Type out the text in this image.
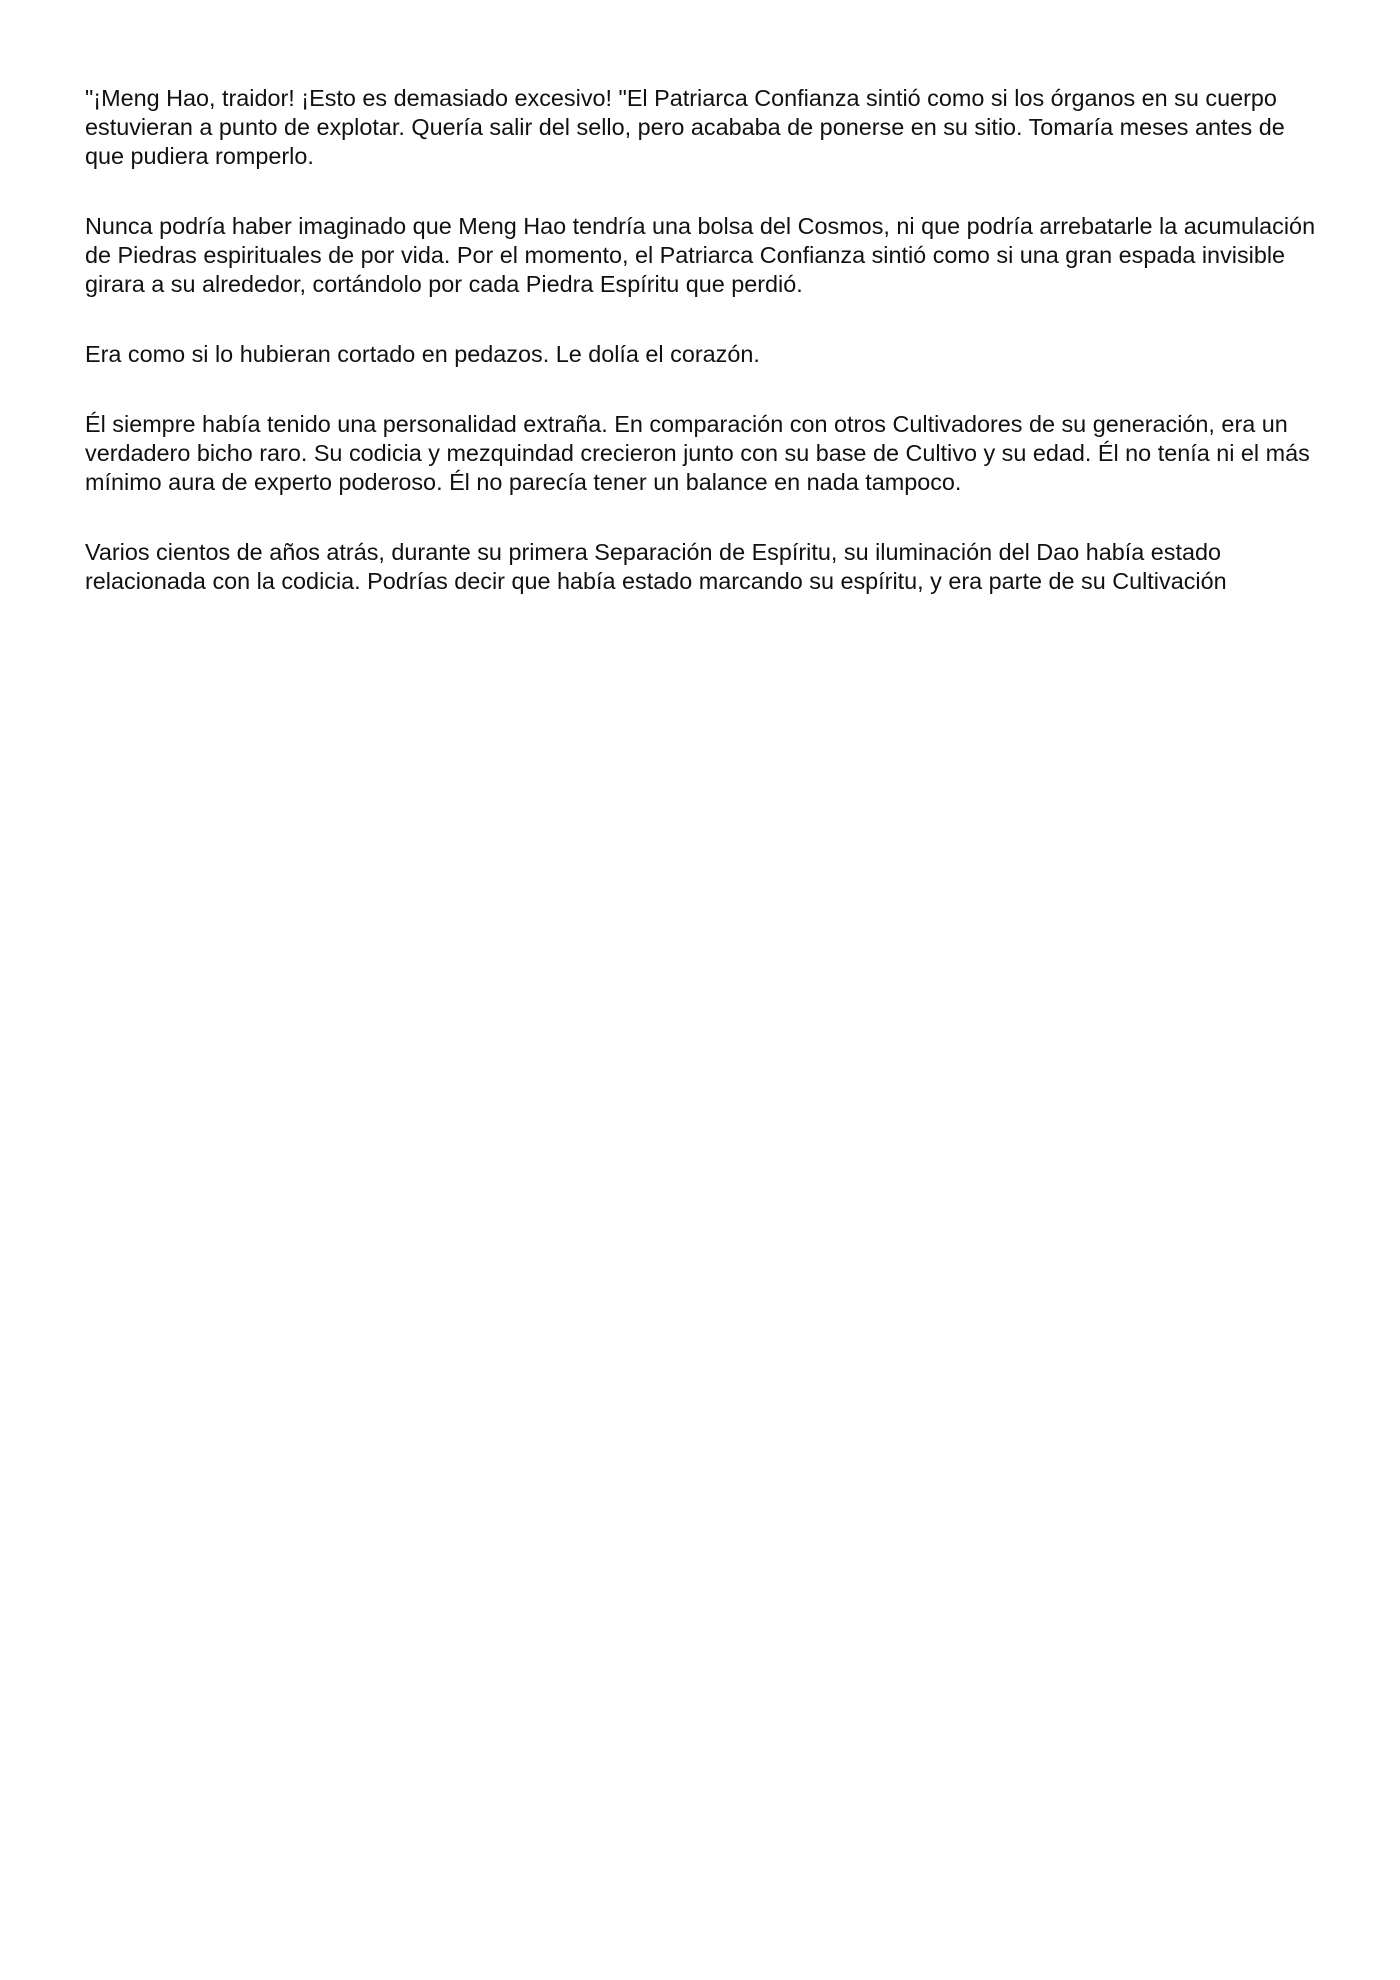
"¡Meng Hao, traidor! ¡Esto es demasiado excesivo! "El Patriarca Confianza sintió como si los órganos en su cuerpo estuvieran a punto de explotar. Quería salir del sello, pero acababa de ponerse en su sitio. Tomaría meses antes de que pudiera romperlo.

Nunca podría haber imaginado que Meng Hao tendría una bolsa del Cosmos, ni que podría arrebatarle la acumulación de Piedras espirituales de por vida. Por el momento, el Patriarca Confianza sintió como si una gran espada invisible girara a su alrededor, cortándolo por cada Piedra Espíritu que perdió.

Era como si lo hubieran cortado en pedazos. Le dolía el corazón.

Él siempre había tenido una personalidad extraña. En comparación con otros Cultivadores de su generación, era un verdadero bicho raro. Su codicia y mezquindad crecieron junto con su base de Cultivo y su edad. Él no tenía ni el más mínimo aura de experto poderoso. Él no parecía tener un balance en nada tampoco.

Varios cientos de años atrás, durante su primera Separación de Espíritu, su iluminación del Dao había estado relacionada con la codicia. Podrías decir que había estado marcando su espíritu, y era parte de su Cultivación
